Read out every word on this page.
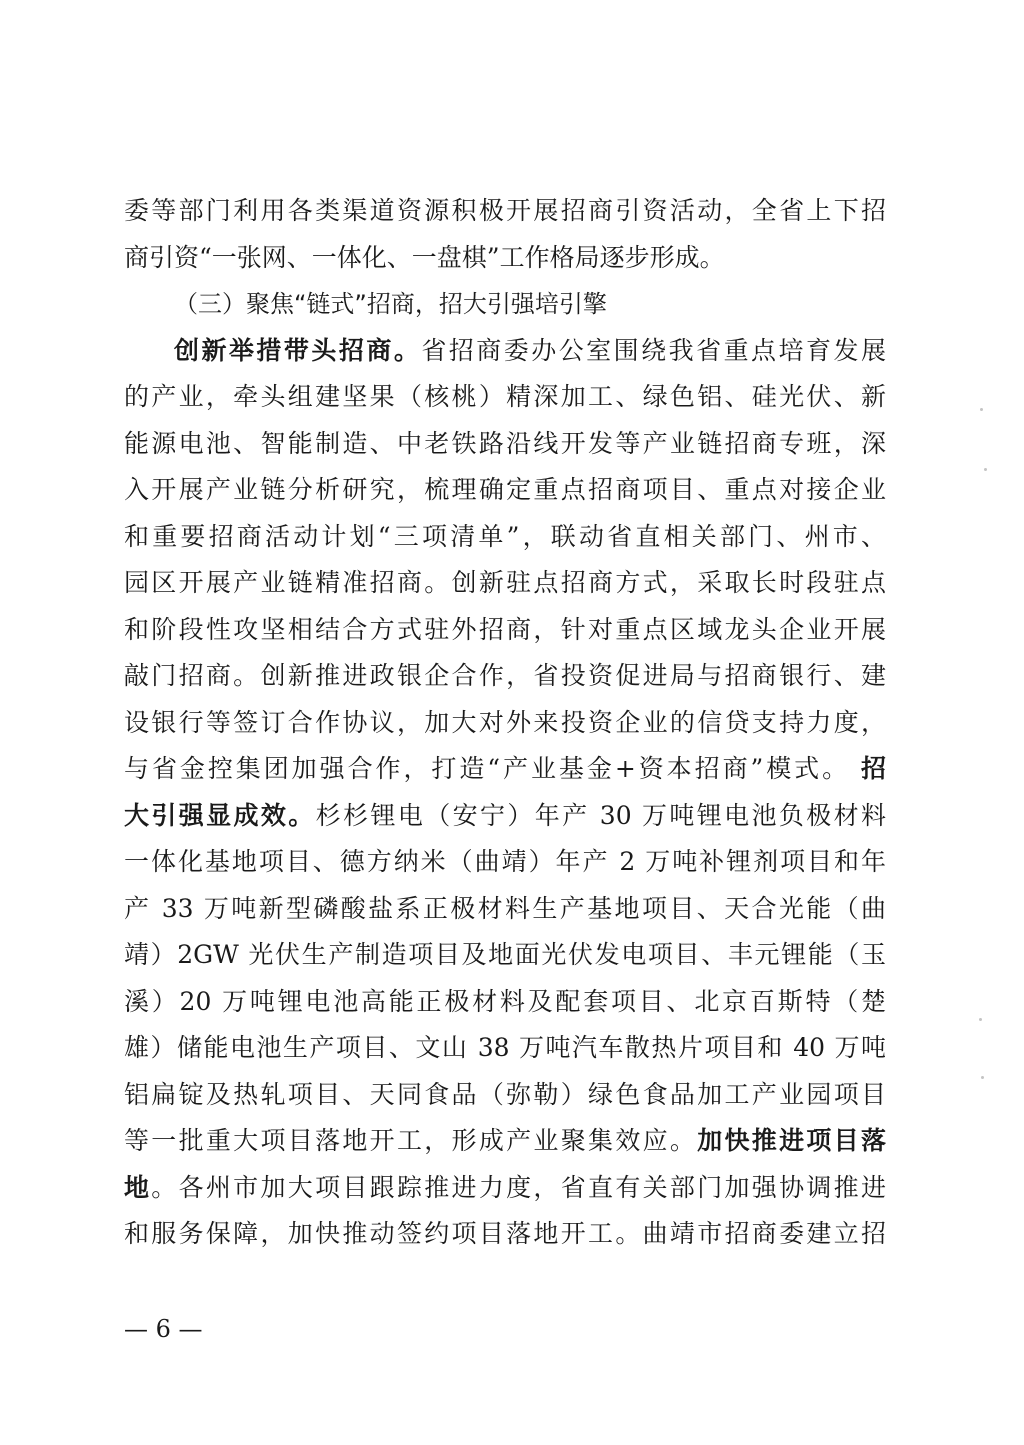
委等部门利用各类渠道资源积极开展招商引资活动，全省上下招
商引资“一张网、一体化、一盘棋”工作格局逐步形成。
（三）聚焦“链式”招商，招大引强培引擎
创新举措带头招商。省招商委办公室围绕我省重点培育发展
的产业，牵头组建坚果（核桃）精深加工、绿色铝、硅光伏、新
能源电池、智能制造、中老铁路沿线开发等产业链招商专班，深
入开展产业链分析研究，梳理确定重点招商项目、重点对接企业
和重要招商活动计划“三项清单”，联动省直相关部门、州市、
园区开展产业链精准招商。创新驻点招商方式，采取长时段驻点
和阶段性攻坚相结合方式驻外招商，针对重点区域龙头企业开展
敲门招商。创新推进政银企合作，省投资促进局与招商银行、建
设银行等签订合作协议，加大对外来投资企业的信贷支持力度，
与省金控集团加强合作，打造“产业基金+资本招商”模式。 招
大引强显成效。杉杉锂电（安宁）年产 30 万吨锂电池负极材料
一体化基地项目、德方纳米（曲靖）年产 2 万吨补锂剂项目和年
产 33 万吨新型磷酸盐系正极材料生产基地项目、天合光能（曲
靖）2GW 光伏生产制造项目及地面光伏发电项目、丰元锂能（玉
溪）20 万吨锂电池高能正极材料及配套项目、北京百斯特（楚
雄）储能电池生产项目、文山 38 万吨汽车散热片项目和 40 万吨
铝扁锭及热轧项目、天同食品（弥勒）绿色食品加工产业园项目
等一批重大项目落地开工，形成产业聚集效应。加快推进项目落
地。各州市加大项目跟踪推进力度，省直有关部门加强协调推进
和服务保障，加快推动签约项目落地开工。曲靖市招商委建立招
— 6 —
